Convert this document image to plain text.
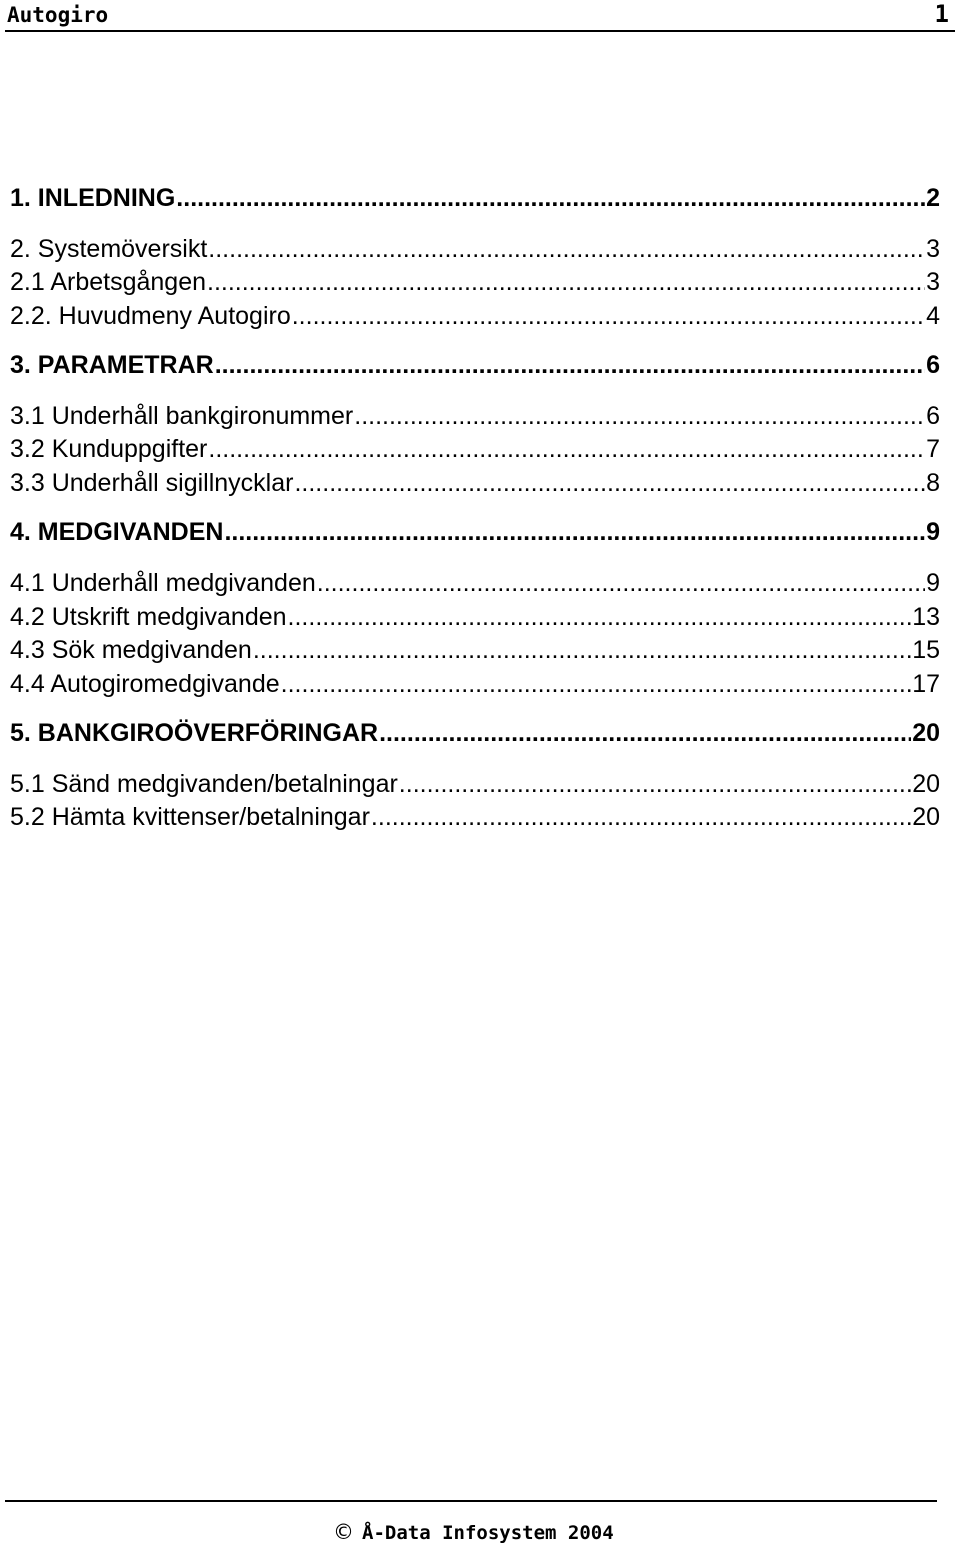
Autogiro	1
1. INLEDNING .....	2
2. Systemöversikt .....	3
2.1 Arbetsgången .....	3
2.2. Huvudmeny Autogiro .....	4
3. PARAMETRAR .....	6
3.1 Underhåll bankgironummer .....	6
3.2 Kunduppgifter .....	7
3.3 Underhåll sigillnycklar .....	8
4. MEDGIVANDEN .....	9
4.1 Underhåll medgivanden .....	9
4.2 Utskrift medgivanden .....	13
4.3 Sök medgivanden .....	15
4.4 Autogiromedgivande .....	17
5. BANKGIROÖVERFÖRINGAR .....	20
5.1 Sänd medgivanden/betalningar .....	20
5.2 Hämta kvittenser/betalningar .....	20
© Å-Data Infosystem 2004
